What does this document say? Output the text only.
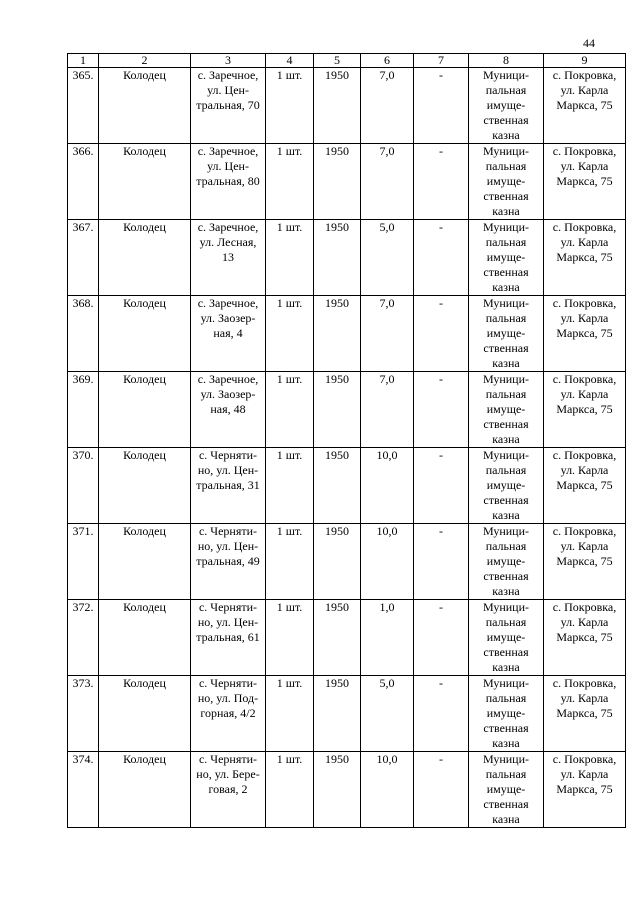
44
1	2	3	4	5	6	7	8	9
365.	Колодец	с. Заречное,
ул. Цен-
тральная, 70	1 шт.	1950	7,0	-	Муници-
пальная
имуще-
ственная
казна	с. Покровка,
ул. Карла
Маркса, 75

366.	Колодец	с. Заречное,
ул. Цен-
тральная, 80	1 шт.	1950	7,0	-	Муници-
пальная
имуще-
ственная
казна	с. Покровка,
ул. Карла
Маркса, 75

367.	Колодец	с. Заречное,
ул. Лесная,
13	1 шт.	1950	5,0	-	Муници-
пальная
имуще-
ственная
казна	с. Покровка,
ул. Карла
Маркса, 75

368.	Колодец	с. Заречное,
ул. Заозер-
ная, 4	1 шт.	1950	7,0	-	Муници-
пальная
имуще-
ственная
казна	с. Покровка,
ул. Карла
Маркса, 75

369.	Колодец	с. Заречное,
ул. Заозер-
ная, 48	1 шт.	1950	7,0	-	Муници-
пальная
имуще-
ственная
казна	с. Покровка,
ул. Карла
Маркса, 75

370.	Колодец	с. Черняти-
но, ул. Цен-
тральная, 31	1 шт.	1950	10,0	-	Муници-
пальная
имуще-
ственная
казна	с. Покровка,
ул. Карла
Маркса, 75

371.	Колодец	с. Черняти-
но, ул. Цен-
тральная, 49	1 шт.	1950	10,0	-	Муници-
пальная
имуще-
ственная
казна	с. Покровка,
ул. Карла
Маркса, 75

372.	Колодец	с. Черняти-
но, ул. Цен-
тральная, 61	1 шт.	1950	1,0	-	Муници-
пальная
имуще-
ственная
казна	с. Покровка,
ул. Карла
Маркса, 75

373.	Колодец	с. Черняти-
но, ул. Под-
горная, 4/2	1 шт.	1950	5,0	-	Муници-
пальная
имуще-
ственная
казна	с. Покровка,
ул. Карла
Маркса, 75

374.	Колодец	с. Черняти-
но, ул. Бере-
говая, 2	1 шт.	1950	10,0	-	Муници-
пальная
имуще-
ственная
казна	с. Покровка,
ул. Карла
Маркса, 75
